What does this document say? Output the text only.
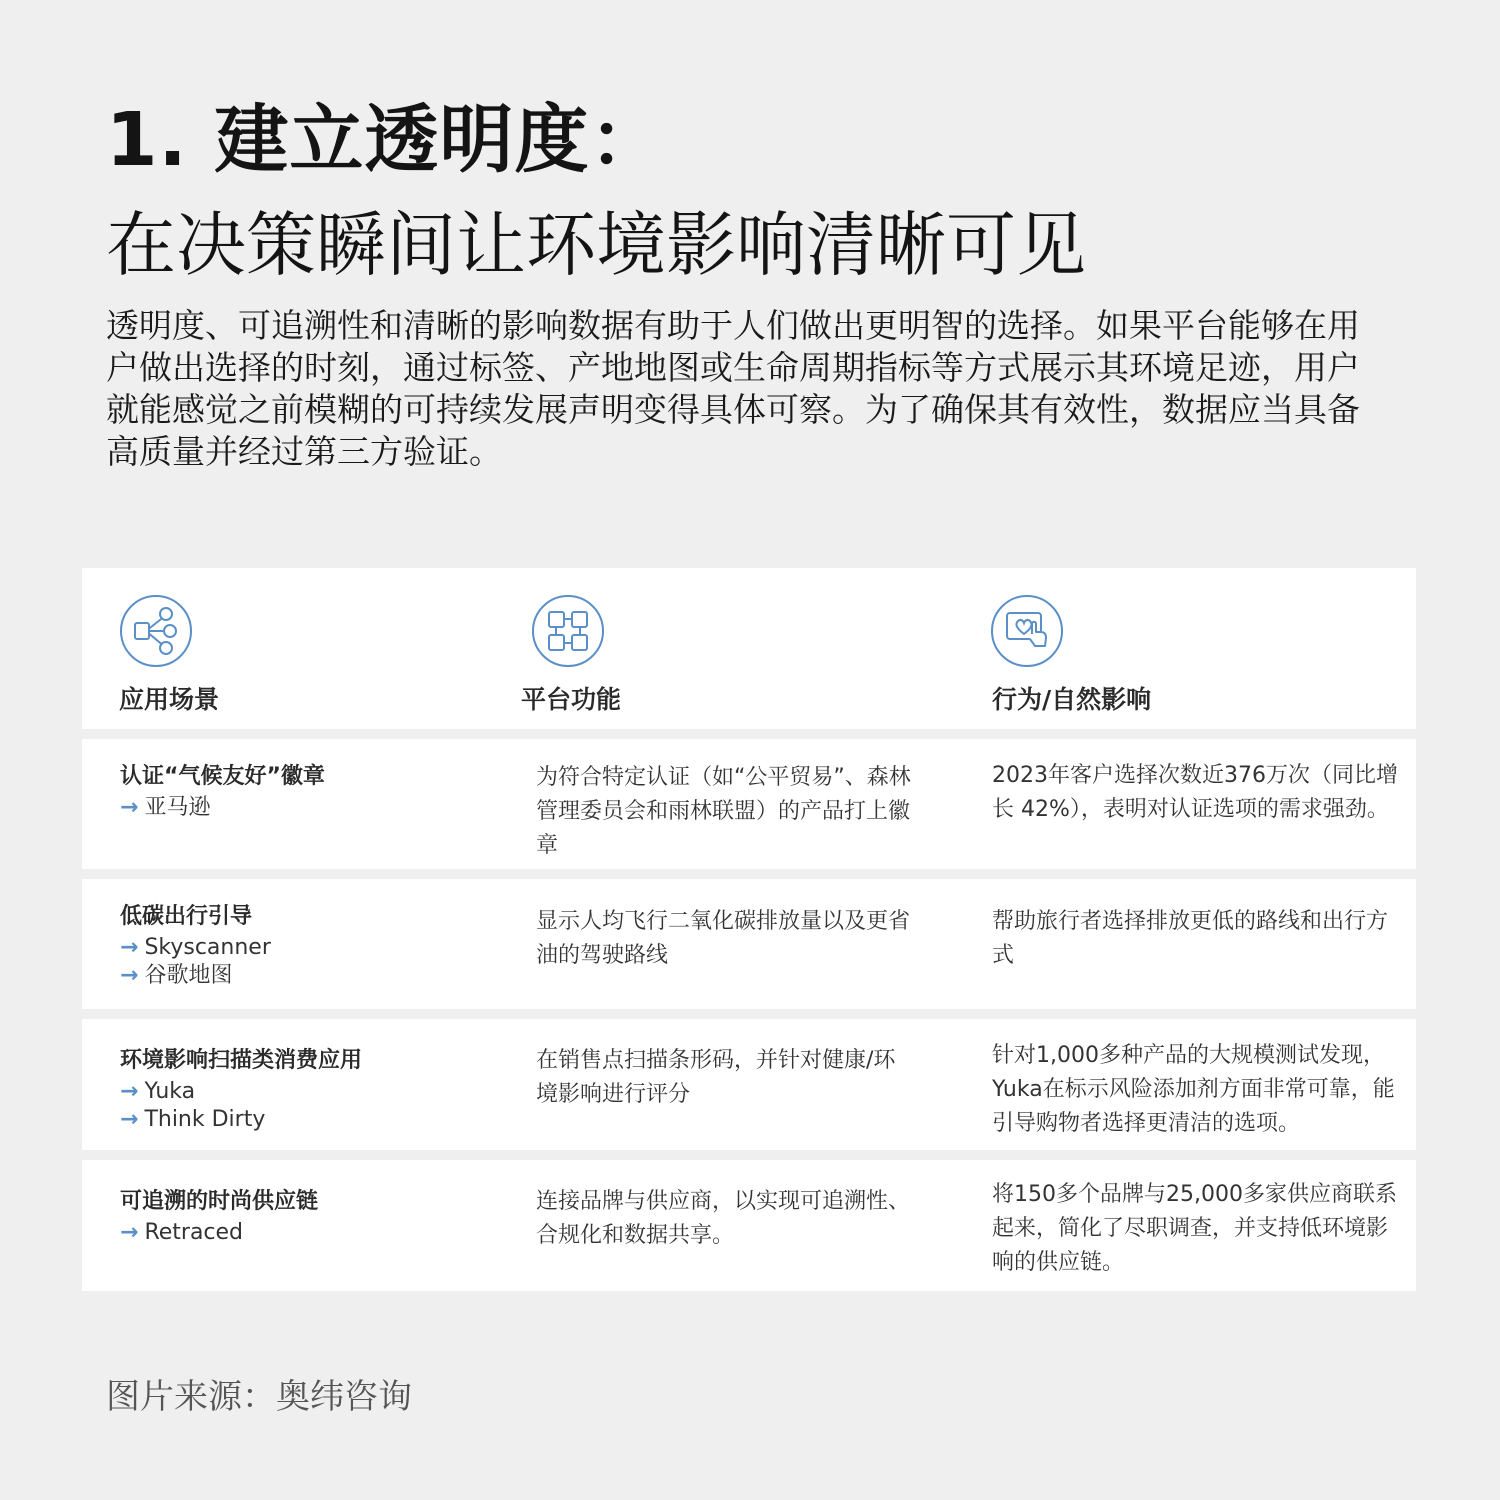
1. 建立透明度：
在决策瞬间让环境影响清晰可见

透明度、可追溯性和清晰的影响数据有助于人们做出更明智的选择。如果平台能够在用户做出选择的时刻，通过标签、产地地图或生命周期指标等方式展示其环境足迹，用户就能感觉之前模糊的可持续发展声明变得具体可察。为了确保其有效性，数据应当具备高质量并经过第三方验证。

应用场景	平台功能	行为/自然影响
认证“气候友好”徽章
→ 亚马逊
为符合特定认证（如“公平贸易”、森林管理委员会和雨林联盟）的产品打上徽章
2023年客户选择次数近376万次（同比增长 42%），表明对认证选项的需求强劲。
低碳出行引导
→ Skyscanner
→ 谷歌地图
显示人均飞行二氧化碳排放量以及更省油的驾驶路线
帮助旅行者选择排放更低的路线和出行方式
环境影响扫描类消费应用
→ Yuka
→ Think Dirty
在销售点扫描条形码，并针对健康/环境影响进行评分
针对1,000多种产品的大规模测试发现，Yuka在标示风险添加剂方面非常可靠，能引导购物者选择更清洁的选项。
可追溯的时尚供应链
→ Retraced
连接品牌与供应商，以实现可追溯性、合规化和数据共享。
将150多个品牌与25,000多家供应商联系起来，简化了尽职调查，并支持低环境影响的供应链。
图片来源：奥纬咨询
